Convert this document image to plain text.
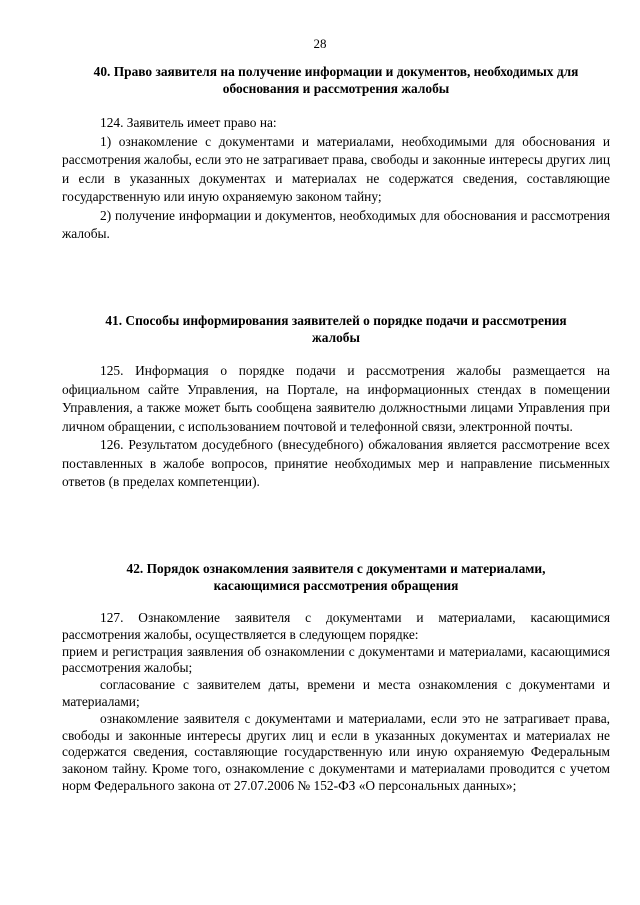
28
40. Право заявителя на получение информации и документов, необходимых для
обоснования и рассмотрения жалобы

124. Заявитель имеет право на:

1) ознакомление с документами и материалами, необходимыми для обоснования и рассмотрения жалобы, если это не затрагивает права, свободы и законные интересы других лиц и если в указанных документах и материалах не содержатся сведения, составляющие государственную или иную охраняемую законом тайну;

2) получение информации и документов, необходимых для обоснования и рассмотрения жалобы.

41. Способы информирования заявителей о порядке подачи и рассмотрения
жалобы

125. Информация о порядке подачи и рассмотрения жалобы размещается на официальном сайте Управления, на Портале, на информационных стендах в помещении Управления, а также может быть сообщена заявителю должностными лицами Управления при личном обращении, с использованием почтовой и телефонной связи, электронной почты.

126. Результатом досудебного (внесудебного) обжалования является рассмотрение всех поставленных в жалобе вопросов, принятие необходимых мер и направление письменных ответов (в пределах компетенции).

42. Порядок ознакомления заявителя с документами и материалами,
касающимися рассмотрения обращения

127. Ознакомление заявителя с документами и материалами, касающимися рассмотрения жалобы, осуществляется в следующем порядке:

прием и регистрация заявления об ознакомлении с документами и материалами, касающимися рассмотрения жалобы;

согласование с заявителем даты, времени и места ознакомления с документами и материалами;

ознакомление заявителя с документами и материалами, если это не затрагивает права, свободы и законные интересы других лиц и если в указанных документах и материалах не содержатся сведения, составляющие государственную или иную охраняемую Федеральным законом тайну. Кроме того, ознакомление с документами и материалами проводится с учетом норм Федерального закона от 27.07.2006 № 152-ФЗ «О персональных данных»;
